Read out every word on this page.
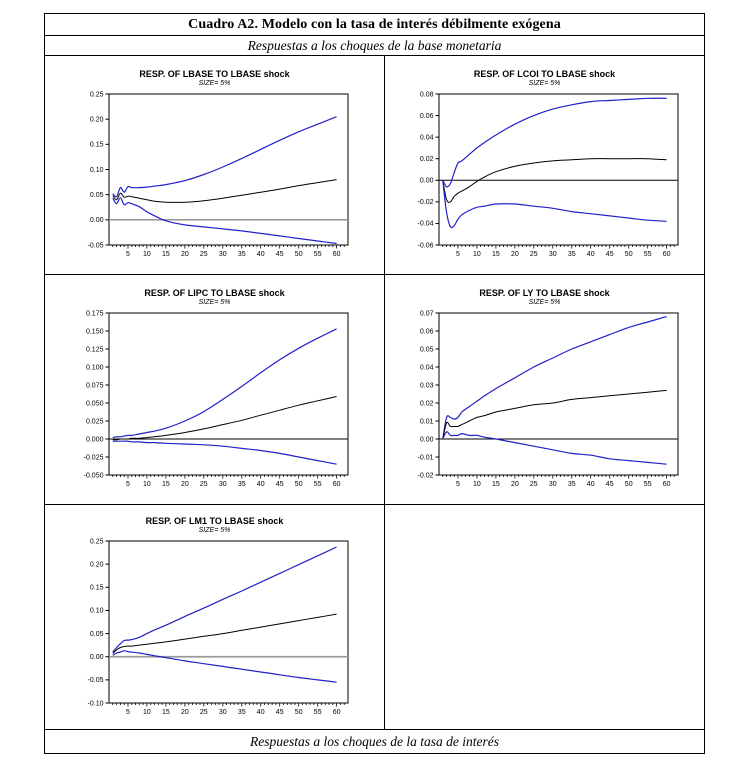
Cuadro A2. Modelo con la tasa de interés débilmente exógena
Respuestas a los choques de la base monetaria
RESP. OF LBASE TO LBASE shock
SIZE= 5%
0.25
0.20
0.15
0.10
0.05
0.00
-0.05
5 10 15 20 25 30 35 40 45 50 55 60
RESP. OF LCOI TO LBASE shock
SIZE= 5%
0.08
0.06
0.04
0.02
0.00
-0.02
-0.04
-0.06
5 10 15 20 25 30 35 40 45 50 55 60
RESP. OF LIPC TO LBASE shock
SIZE= 5%
0.175
0.150
0.125
0.100
0.075
0.050
0.025
0.000
-0.025
-0.050
5 10 15 20 25 30 35 40 45 50 55 60
RESP. OF LY TO LBASE shock
SIZE= 5%
0.07
0.06
0.05
0.04
0.03
0.02
0.01
0.00
-0.01
-0.02
5 10 15 20 25 30 35 40 45 50 55 60
RESP. OF LM1 TO LBASE shock
SIZE= 5%
0.25
0.20
0.15
0.10
0.05
0.00
-0.05
-0.10
5 10 15 20 25 30 35 40 45 50 55 60
Respuestas a los choques de la tasa de interés
